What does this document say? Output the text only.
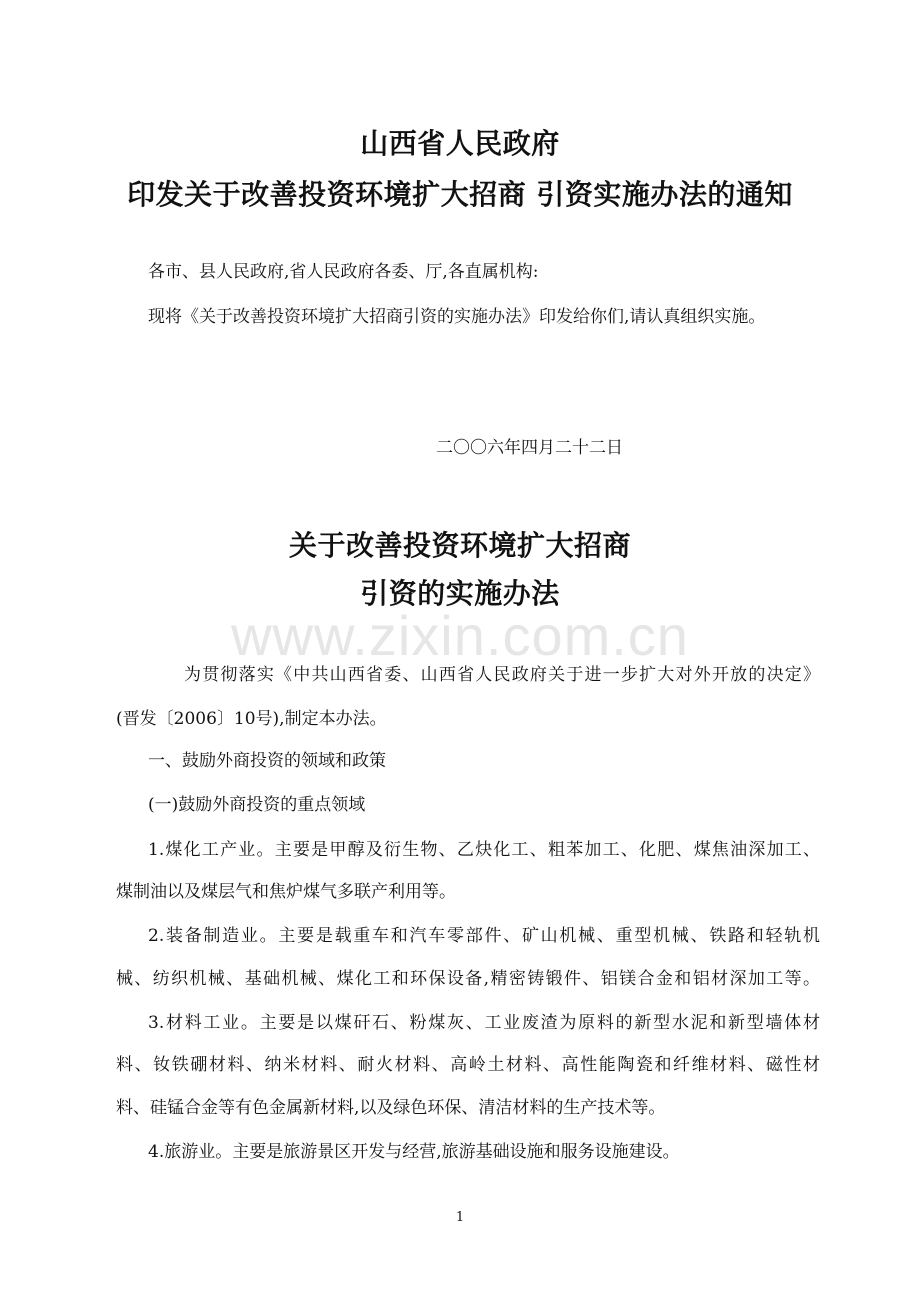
山西省人民政府
印发关于改善投资环境扩大招商 引资实施办法的通知
各市、县人民政府,省人民政府各委、厅,各直属机构:
现将《关于改善投资环境扩大招商引资的实施办法》印发给你们,请认真组织实施。
二〇〇六年四月二十二日
关于改善投资环境扩大招商
引资的实施办法
www.zixin.com.cn
为贯彻落实《中共山西省委、山西省人民政府关于进一步扩大对外开放的决定》
(晋发〔2006〕10号),制定本办法。
一、鼓励外商投资的领域和政策
(一)鼓励外商投资的重点领域
1.煤化工产业。主要是甲醇及衍生物、乙炔化工、粗苯加工、化肥、煤焦油深加工、
煤制油以及煤层气和焦炉煤气多联产利用等。
2.装备制造业。主要是载重车和汽车零部件、矿山机械、重型机械、铁路和轻轨机
械、纺织机械、基础机械、煤化工和环保设备,精密铸锻件、铝镁合金和铝材深加工等。
3.材料工业。主要是以煤矸石、粉煤灰、工业废渣为原料的新型水泥和新型墙体材
料、钕铁硼材料、纳米材料、耐火材料、高岭土材料、高性能陶瓷和纤维材料、磁性材
料、硅锰合金等有色金属新材料,以及绿色环保、清洁材料的生产技术等。
4.旅游业。主要是旅游景区开发与经营,旅游基础设施和服务设施建设。
1
